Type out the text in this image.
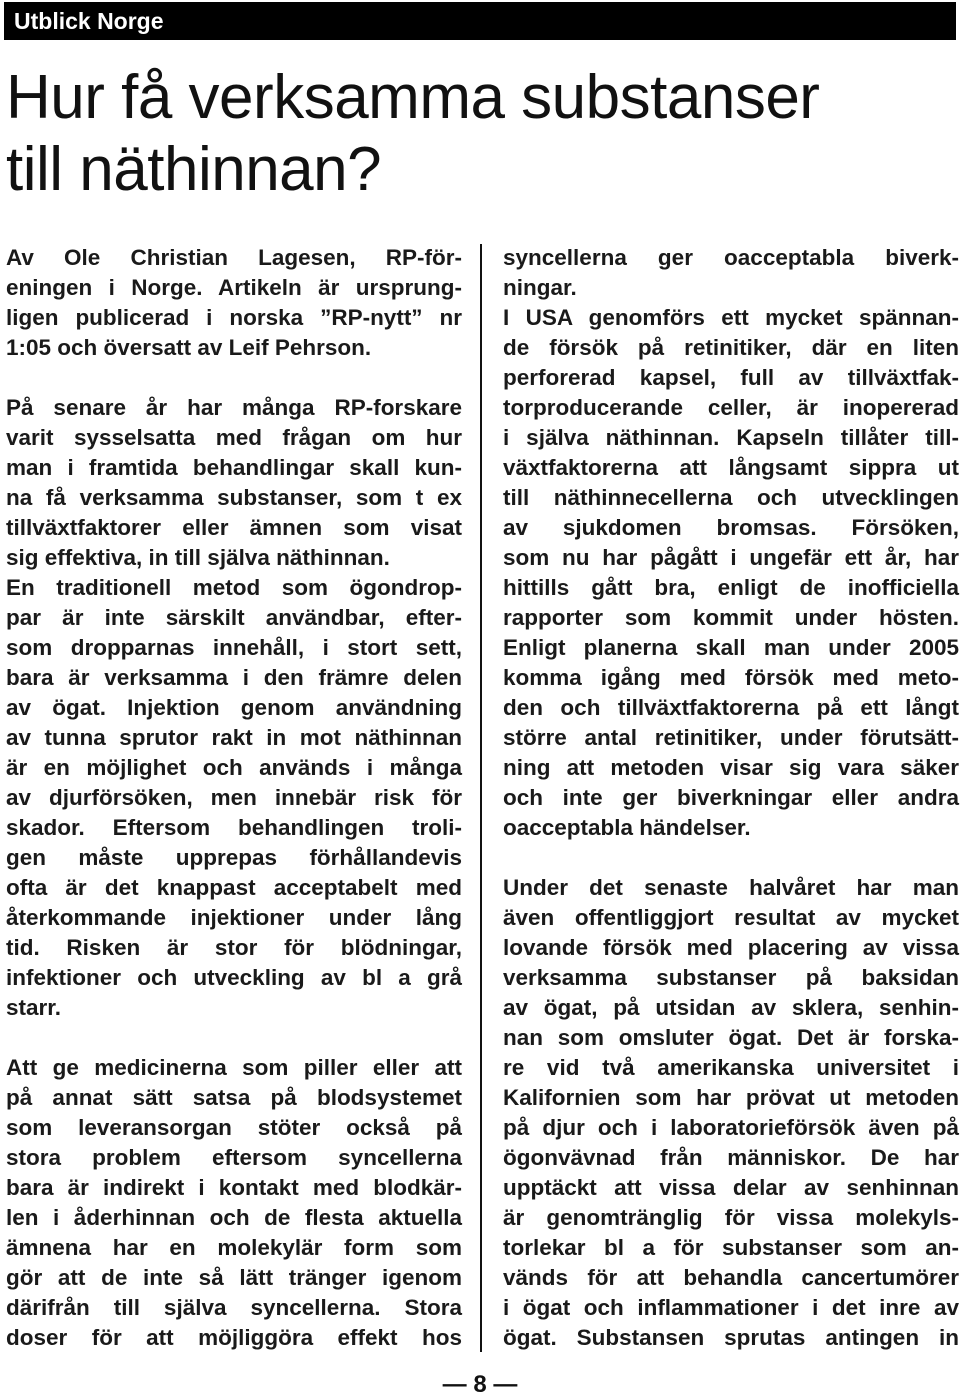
Utblick Norge
Hur få verksamma substanser
till näthinnan?
Av Ole Christian Lagesen, RP-för-
eningen i Norge. Artikeln är ursprung-
ligen publicerad i norska ”RP-nytt” nr
1:05 och översatt av Leif Pehrson.
På senare år har många RP-forskare
varit sysselsatta med frågan om hur
man i framtida behandlingar skall kun-
na få verksamma substanser, som t ex
tillväxtfaktorer eller ämnen som visat
sig effektiva, in till själva näthinnan.
En traditionell metod som ögondrop-
par är inte särskilt användbar, efter-
som dropparnas innehåll, i stort sett,
bara är verksamma i den främre delen
av ögat. Injektion genom användning
av tunna sprutor rakt in mot näthinnan
är en möjlighet och används i många
av djurförsöken, men innebär risk för
skador. Eftersom behandlingen troli-
gen måste upprepas förhållandevis
ofta är det knappast acceptabelt med
återkommande injektioner under lång
tid. Risken är stor för blödningar,
infektioner och utveckling av bl a grå
starr.
Att ge medicinerna som piller eller att
på annat sätt satsa på blodsystemet
som leveransorgan stöter också på
stora problem eftersom syncellerna
bara är indirekt i kontakt med blodkär-
len i åderhinnan och de flesta aktuella
ämnena har en molekylär form som
gör att de inte så lätt tränger igenom
därifrån till själva syncellerna. Stora
doser för att möjliggöra effekt hos
syncellerna ger oacceptabla biverk-
ningar.
I USA genomförs ett mycket spännan-
de försök på retinitiker, där en liten
perforerad kapsel, full av tillväxtfak-
torproducerande celler, är inopererad
i själva näthinnan. Kapseln tillåter till-
växtfaktorerna att långsamt sippra ut
till näthinnecellerna och utvecklingen
av sjukdomen bromsas. Försöken,
som nu har pågått i ungefär ett år, har
hittills gått bra, enligt de inofficiella
rapporter som kommit under hösten.
Enligt planerna skall man under 2005
komma igång med försök med meto-
den och tillväxtfaktorerna på ett långt
större antal retinitiker, under förutsätt-
ning att metoden visar sig vara säker
och inte ger biverkningar eller andra
oacceptabla händelser.
Under det senaste halvåret har man
även offentliggjort resultat av mycket
lovande försök med placering av vissa
verksamma substanser på baksidan
av ögat, på utsidan av sklera, senhin-
nan som omsluter ögat. Det är forska-
re vid två amerikanska universitet i
Kalifornien som har prövat ut metoden
på djur och i laboratorieförsök även på
ögonvävnad från människor. De har
upptäckt att vissa delar av senhinnan
är genomtränglig för vissa molekyls-
torlekar bl a för substanser som an-
vänds för att behandla cancertumörer
i ögat och inflammationer i det inre av
ögat. Substansen sprutas antingen in
— 8 —
